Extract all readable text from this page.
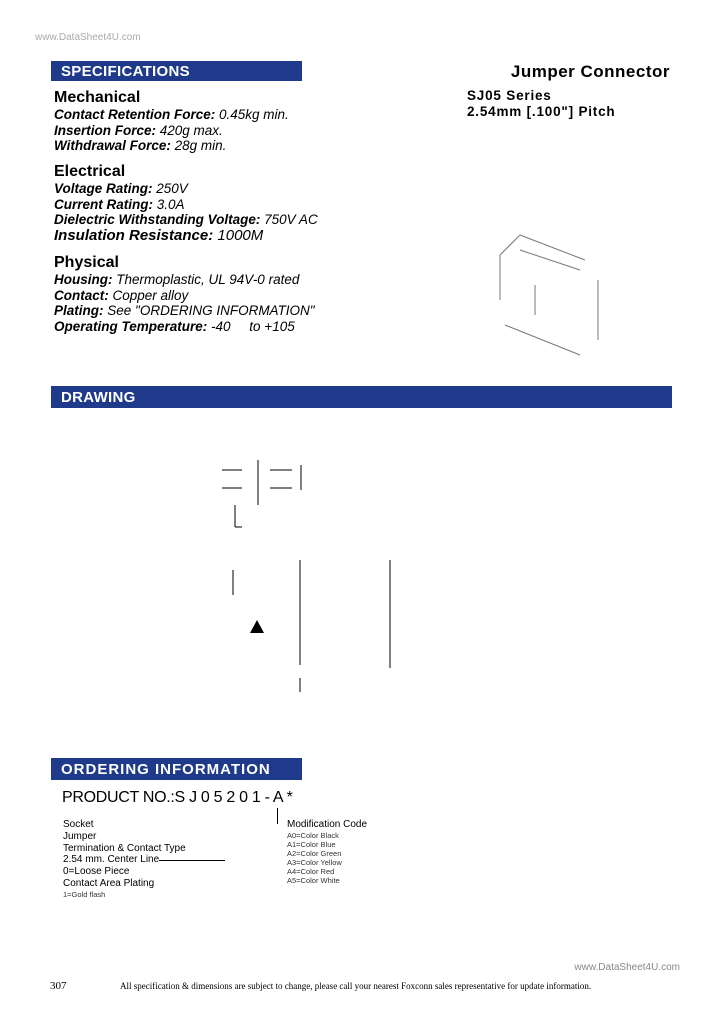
www.DataSheet4U.com
SPECIFICATIONS	Jumper Connector
SJ05 Series
2.54mm [.100"] Pitch
Mechanical
Contact Retention Force: 0.45kg min.
Insertion Force: 420g max.
Withdrawal Force: 28g min.
Electrical
Voltage Rating: 250V
Current Rating: 3.0A
Dielectric Withstanding Voltage: 750V AC
Insulation Resistance: 1000M
Physical
Housing: Thermoplastic, UL 94V-0 rated
Contact: Copper alloy
Plating: See "ORDERING INFORMATION"
Operating Temperature: -40     to +105
DRAWING
ORDERING INFORMATION
PRODUCT NO.:S J 0 5 2 0 1 - A *
Socket
Jumper
Termination & Contact Type
2.54 mm. Center Line
0=Loose Piece
Contact Area Plating
1=Gold flash
Modification Code
A0=Color Black
A1=Color Blue
A2=Color Green
A3=Color Yellow
A4=Color Red
A5=Color White
www.DataSheet4U.com
307	All specification & dimensions are subject to change, please call your nearest Foxconn sales representative for update information.
